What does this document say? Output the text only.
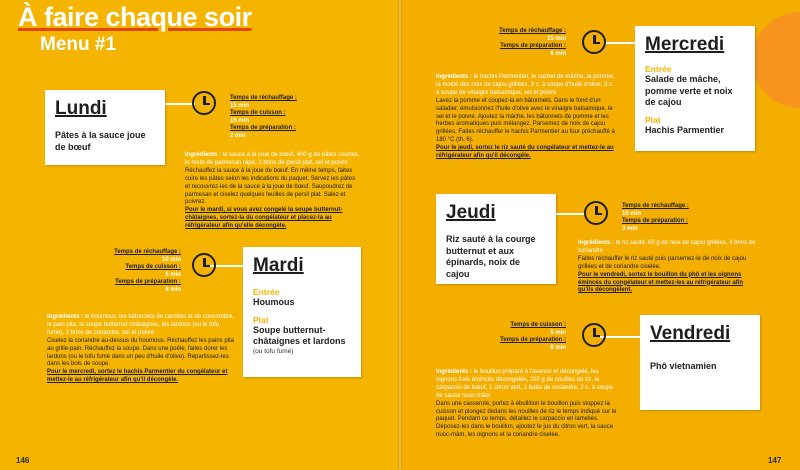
À faire chaque soir
Menu #1
Lundi
Pâtes à la sauce joue de bœuf
Temps de réchauffage :
15 min
Temps de cuisson :
15 min
Temps de préparation :
2 min

Ingrédients : la sauce à la joue de bœuf, 400 g de pâtes courtes, le reste de parmesan râpé, 1 brins de persil plat, sel et poivre

Réchauffez la sauce à la joue de bœuf. En même temps, faites cuire les pâtes selon les indications du paquet. Servez les pâtes et recouvrez-les de la sauce à la joue de bœuf. Saupoudrez de parmesan et ciselez quelques feuilles de persil plat. Salez et poivrez.

Pour le mardi, si vous avez congelé la soupe butternut-châtaignes, sortez-la du congélateur et placez-la au réfrigérateur afin qu'elle décongèle.

Mardi
Entrée
Houmous
Plat
Soupe butternut-châtaignes et lardons
(ou tofu fumé)
Temps de réchauffage :
10 min
Temps de cuisson :
5 min
Temps de préparation :
6 min

Ingrédients : le houmous, les bâtonnets de carottes et de concombre, le pain pita, la soupe butternut-châtaignes, les lardons (ou le tofu fumé), 2 brins de coriandre, sel et poivre

Ciselez la coriandre au-dessus du houmous. Réchauffez les pains pita au grille-pain. Réchauffez la soupe. Dans une poêle, faites dorer les lardons (ou le tofu fumé dans un peu d'huile d'olive). Répartissez-les dans les bols de soupe.

Pour le mercredi, sortez le hachis Parmentier du congélateur et mettez-le au réfrigérateur afin qu'il décongèle.

Mercredi
Entrée
Salade de mâche, pomme verte et noix de cajou
Plat
Hachis Parmentier
Temps de réchauffage :
15 min
Temps de préparation :
6 min

Ingrédients : le hachis Parmentier, le sachet de mâche, la pomme, la moitié des noix de cajou grillées, 3 c. à soupe d'huile d'olive, 3 c. à soupe de vinaigre balsamique, sel et poivre

Lavez la pomme et coupez-la en bâtonnets. Dans le fond d'un saladier, émulsionnez l'huile d'olive avec le vinaigre balsamique, le sel et le poivre. Ajoutez la mâche, les bâtonnets de pomme et les herbes aromatiques puis mélangez. Parsemez de noix de cajou grillées. Faites réchauffer le hachis Parmentier au four préchauffé à 180 °C (th. 6).

Pour le jeudi, sortez le riz sauté du congélateur et mettez-le au réfrigérateur afin qu'il décongèle.

Jeudi
Riz sauté à la courge butternut et aux épinards, noix de cajou
Temps de réchauffage :
10 min
Temps de préparation :
3 min

Ingrédients : le riz sauté, 60 g de noix de cajou grillées, 4 brins de coriandre

Faites réchauffer le riz sauté puis parsemez-le de noix de cajou grillées et de coriandre ciselée.

Pour le vendredi, sortez le bouillon du phô et les oignons émincés du congélateur et mettez-les au réfrigérateur afin qu'ils décongèlent.

Vendredi
Phô vietnamien
Temps de cuisson :
5 min
Temps de préparation :
6 min

Ingrédients : le bouillon préparé à l'avance et décongelé, les oignons frais émincés décongelés, 200 g de nouilles de riz, le carpaccio de bœuf, 1 citron vert, 1 botte de coriandre, 2 c. à soupe de sauce nuoc-mâm

Dans une casserole, portez à ébullition le bouillon puis stoppez la cuisson et plongez dedans les nouilles de riz le temps indiqué sur le paquet. Pendant ce temps, détaillez le carpaccio en lamelles. Déposez-les dans le bouillon, ajoutez le jus du citron vert, la sauce nuoc-mâm, les oignons et la coriandre ciselée.

146	147
